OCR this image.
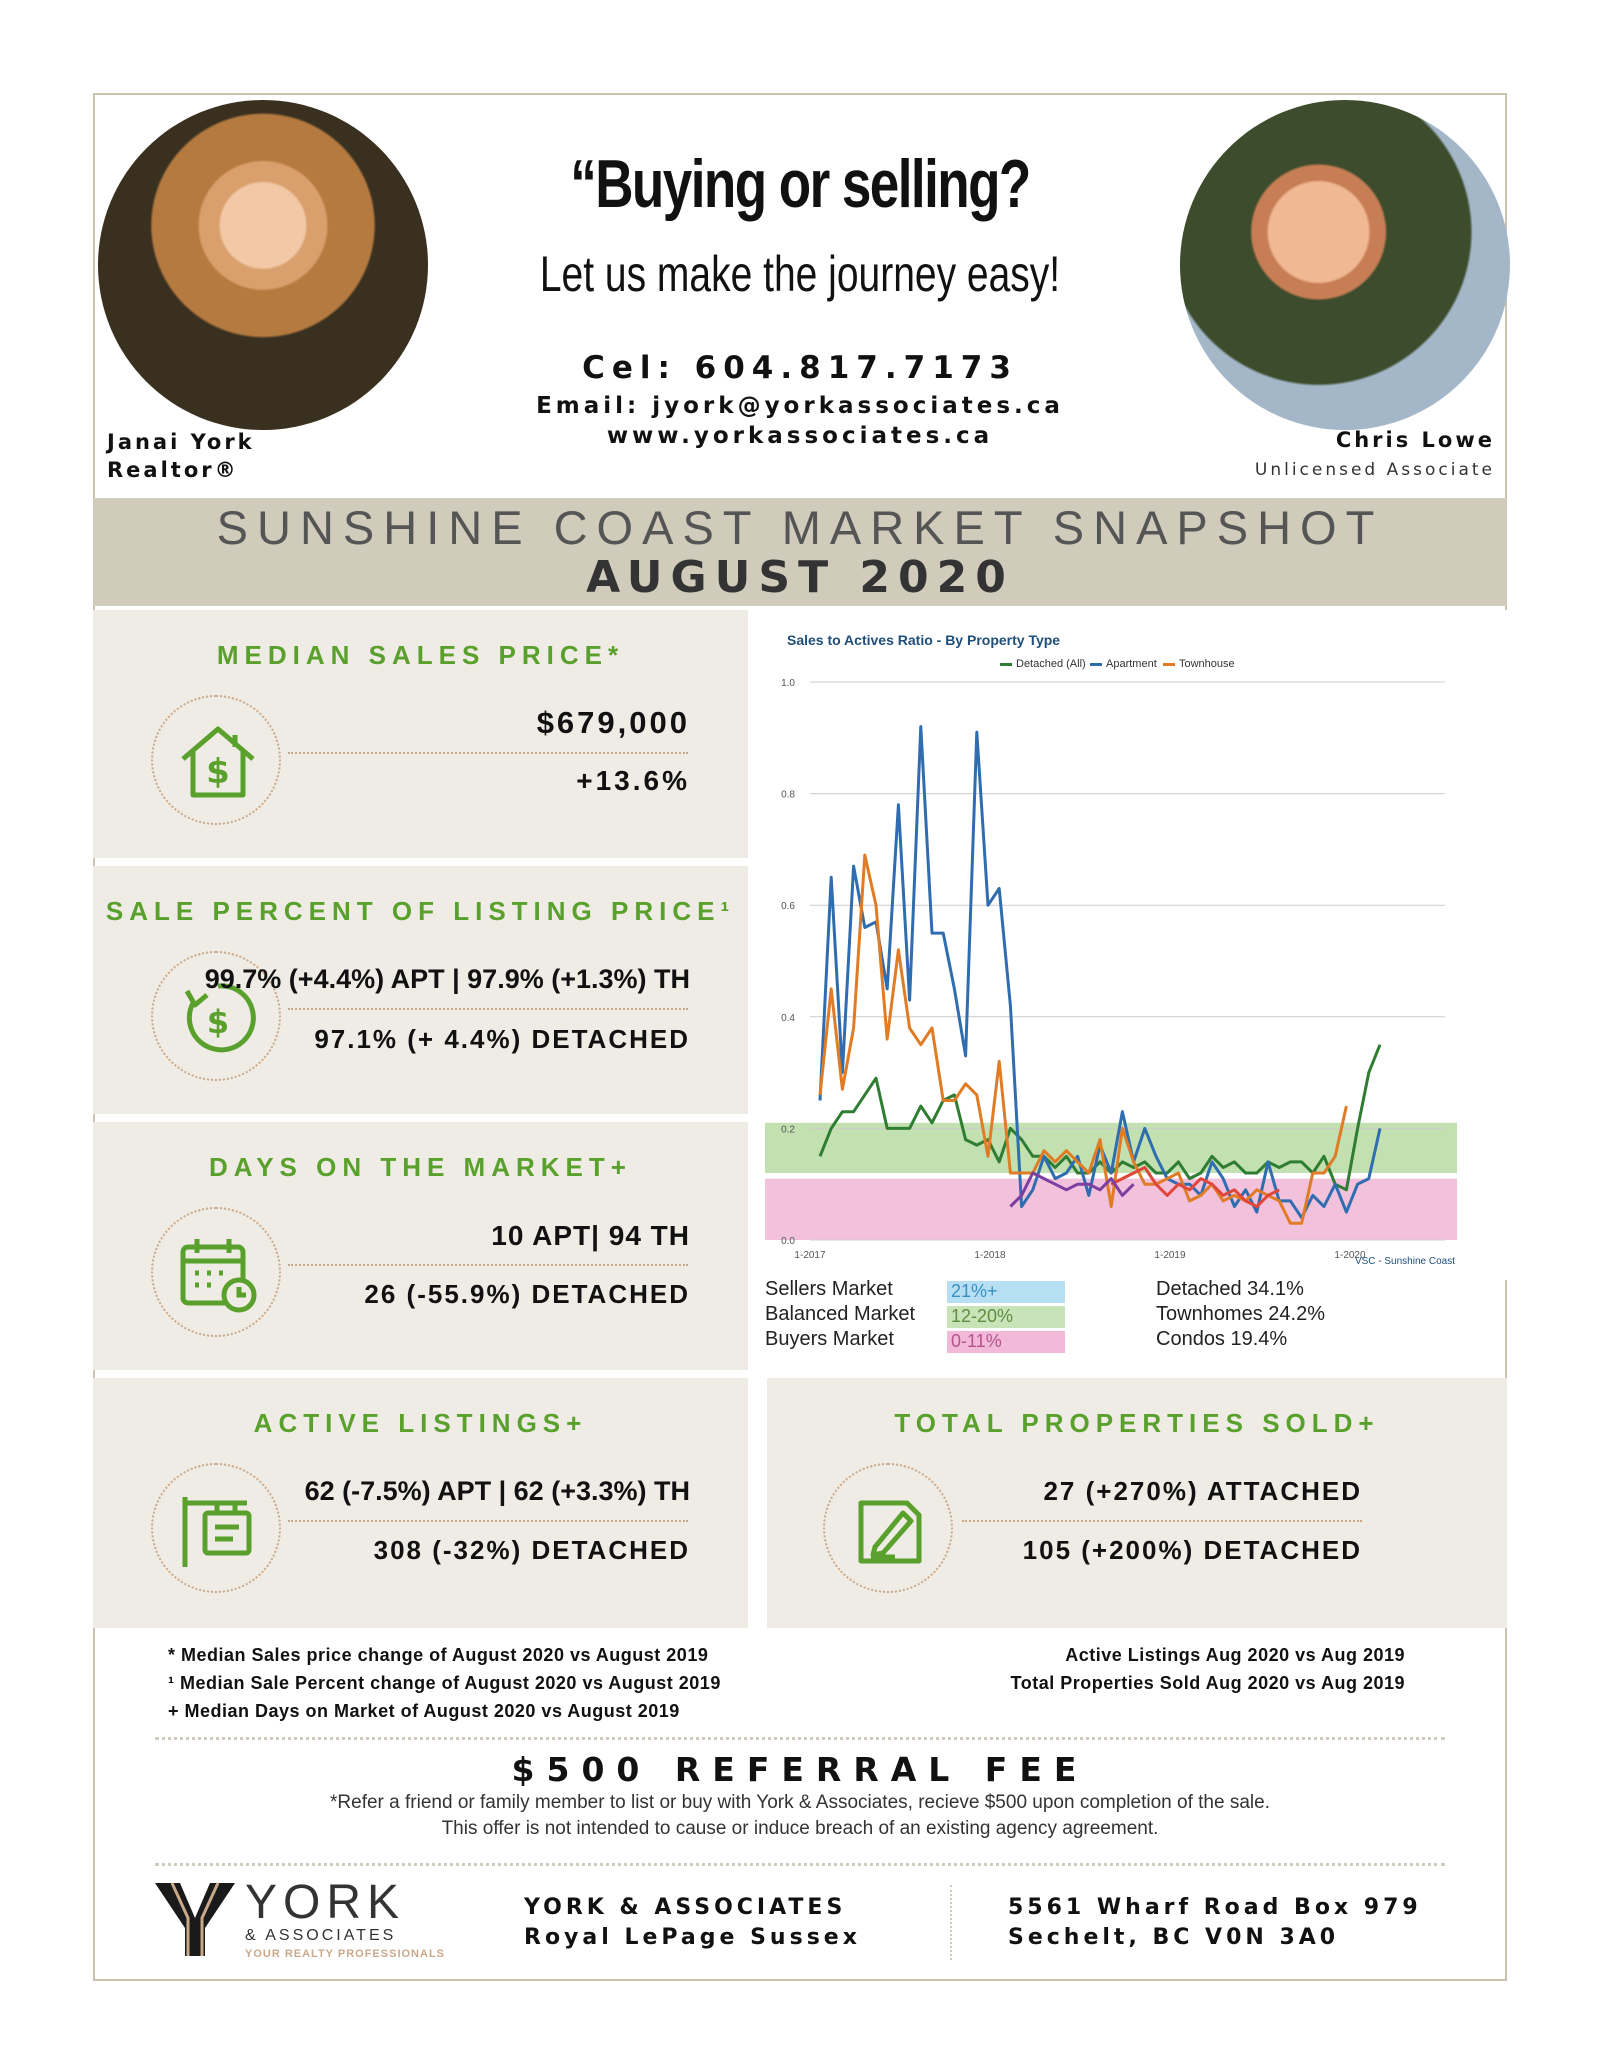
Janai York
Realtor®
Chris Lowe
Unlicensed Associate
“Buying or selling?
Let us make the journey easy!
Cel: 604.817.7173
Email: jyork@yorkassociates.ca
www.yorkassociates.ca
SUNSHINE COAST MARKET SNAPSHOT
AUGUST 2020
MEDIAN SALES PRICE*
$
$679,000
+13.6%
SALE PERCENT OF LISTING PRICE¹
$
99.7% (+4.4%) APT | 97.9% (+1.3%) TH
97.1% (+ 4.4%) DETACHED
DAYS ON THE MARKET+
10 APT| 94 TH
26 (-55.9%) DETACHED
ACTIVE LISTINGS+
62 (-7.5%) APT | 62 (+3.3%) TH
308 (-32%) DETACHED
TOTAL PROPERTIES SOLD+
27 (+270%) ATTACHED
105 (+200%) DETACHED
Sales to Actives Ratio - By Property Type
Detached (All)	Apartment	Townhouse
0.0
0.2
0.4
0.6
0.8
1.0
1-2017	1-2018	1-2019	1-2020
VSC - Sunshine Coast
Sellers Market	21%+
Balanced Market 12-20%
Buyers Market	0-11%
Detached 34.1%
Townhomes 24.2%
Condos 19.4%
* Median Sales price change of August 2020 vs August 2019
¹ Median Sale Percent change of August 2020 vs August 2019
+ Median Days on Market of August 2020 vs August 2019
Active Listings Aug 2020 vs Aug 2019
Total Properties Sold Aug 2020 vs Aug 2019
$500 REFERRAL FEE
*Refer a friend or family member to list or buy with York & Associates, recieve $500 upon completion of the sale.
This offer is not intended to cause or induce breach of an existing agency agreement.
YORK
& ASSOCIATES
YOUR REALTY PROFESSIONALS
YORK & ASSOCIATES
Royal LePage Sussex
5561 Wharf Road Box 979
Sechelt, BC V0N 3A0
